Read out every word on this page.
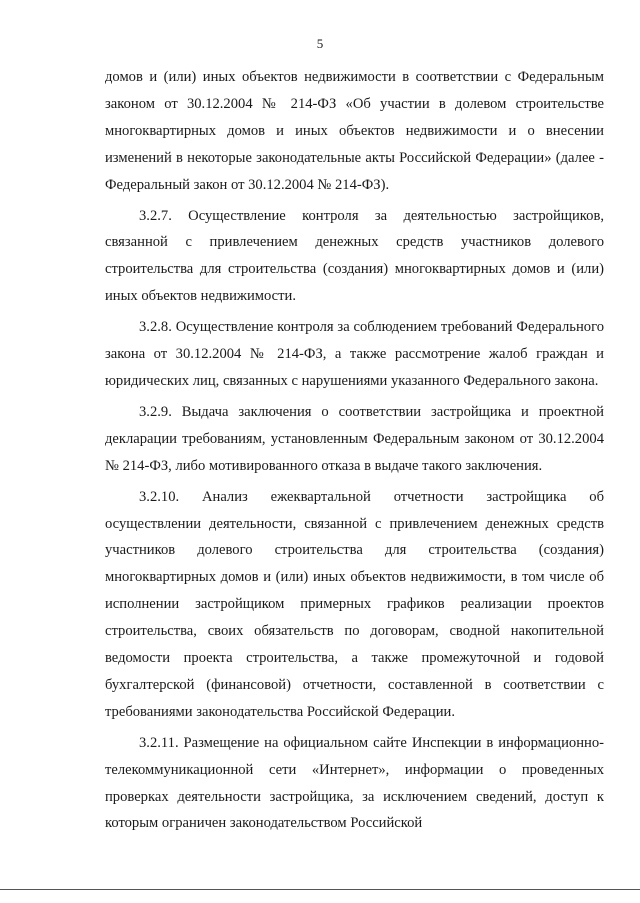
5

домов и (или) иных объектов недвижимости в соответствии с Федеральным законом от 30.12.2004 № 214-ФЗ «Об участии в долевом строительстве многоквартирных домов и иных объектов недвижимости и о внесении изменений в некоторые законодательные акты Российской Федерации» (далее - Федеральный закон от 30.12.2004 № 214-ФЗ).

3.2.7. Осуществление контроля за деятельностью застройщиков, связанной с привлечением денежных средств участников долевого строительства для строительства (создания) многоквартирных домов и (или) иных объектов недвижимости.

3.2.8. Осуществление контроля за соблюдением требований Федерального закона от 30.12.2004 № 214-ФЗ, а также рассмотрение жалоб граждан и юридических лиц, связанных с нарушениями указанного Федерального закона.

3.2.9. Выдача заключения о соответствии застройщика и проектной декларации требованиям, установленным Федеральным законом от 30.12.2004 № 214-ФЗ, либо мотивированного отказа в выдаче такого заключения.

3.2.10. Анализ ежеквартальной отчетности застройщика об осуществлении деятельности, связанной с привлечением денежных средств участников долевого строительства для строительства (создания) многоквартирных домов и (или) иных объектов недвижимости, в том числе об исполнении застройщиком примерных графиков реализации проектов строительства, своих обязательств по договорам, сводной накопительной ведомости проекта строительства, а также промежуточной и годовой бухгалтерской (финансовой) отчетности, составленной в соответствии с требованиями законодательства Российской Федерации.

3.2.11. Размещение на официальном сайте Инспекции в информационно-телекоммуникационной сети «Интернет», информации о проведенных проверках деятельности застройщика, за исключением сведений, доступ к которым ограничен законодательством Российской
